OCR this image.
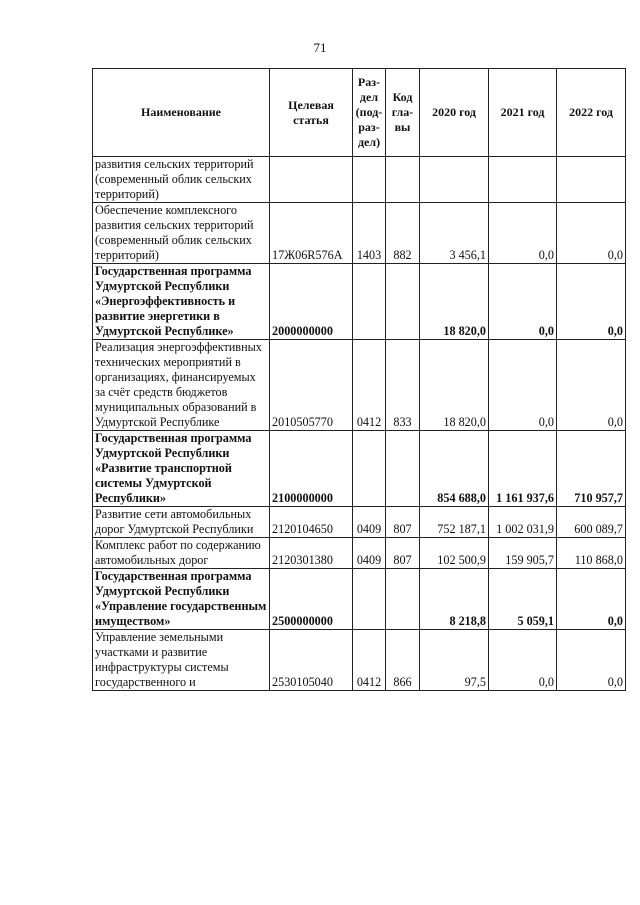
71
Наименование	Целевая статья	Раз-дел (под-раз-дел)	Код гла-вы	2020 год	2021 год	2022 год
развития сельских территорий (современный облик сельских территорий)						
Обеспечение комплексного развития сельских территорий (современный облик сельских территорий)	17Ж06R576A	1403	882	3 456,1	0,0	0,0
Государственная программа Удмуртской Республики «Энергоэффективность и развитие энергетики в Удмуртской Республике»	2000000000			18 820,0	0,0	0,0
Реализация энергоэффективных технических мероприятий в организациях, финансируемых за счёт средств бюджетов муниципальных образований в Удмуртской Республике	2010505770	0412	833	18 820,0	0,0	0,0
Государственная программа Удмуртской Республики «Развитие транспортной системы Удмуртской Республики»	2100000000			854 688,0	1 161 937,6	710 957,7
Развитие сети автомобильных дорог Удмуртской Республики	2120104650	0409	807	752 187,1	1 002 031,9	600 089,7
Комплекс работ по содержанию автомобильных дорог	2120301380	0409	807	102 500,9	159 905,7	110 868,0
Государственная программа Удмуртской Республики «Управление государственным имуществом»	2500000000			8 218,8	5 059,1	0,0
Управление земельными участками и развитие инфраструктуры системы государственного и	2530105040	0412	866	97,5	0,0	0,0
